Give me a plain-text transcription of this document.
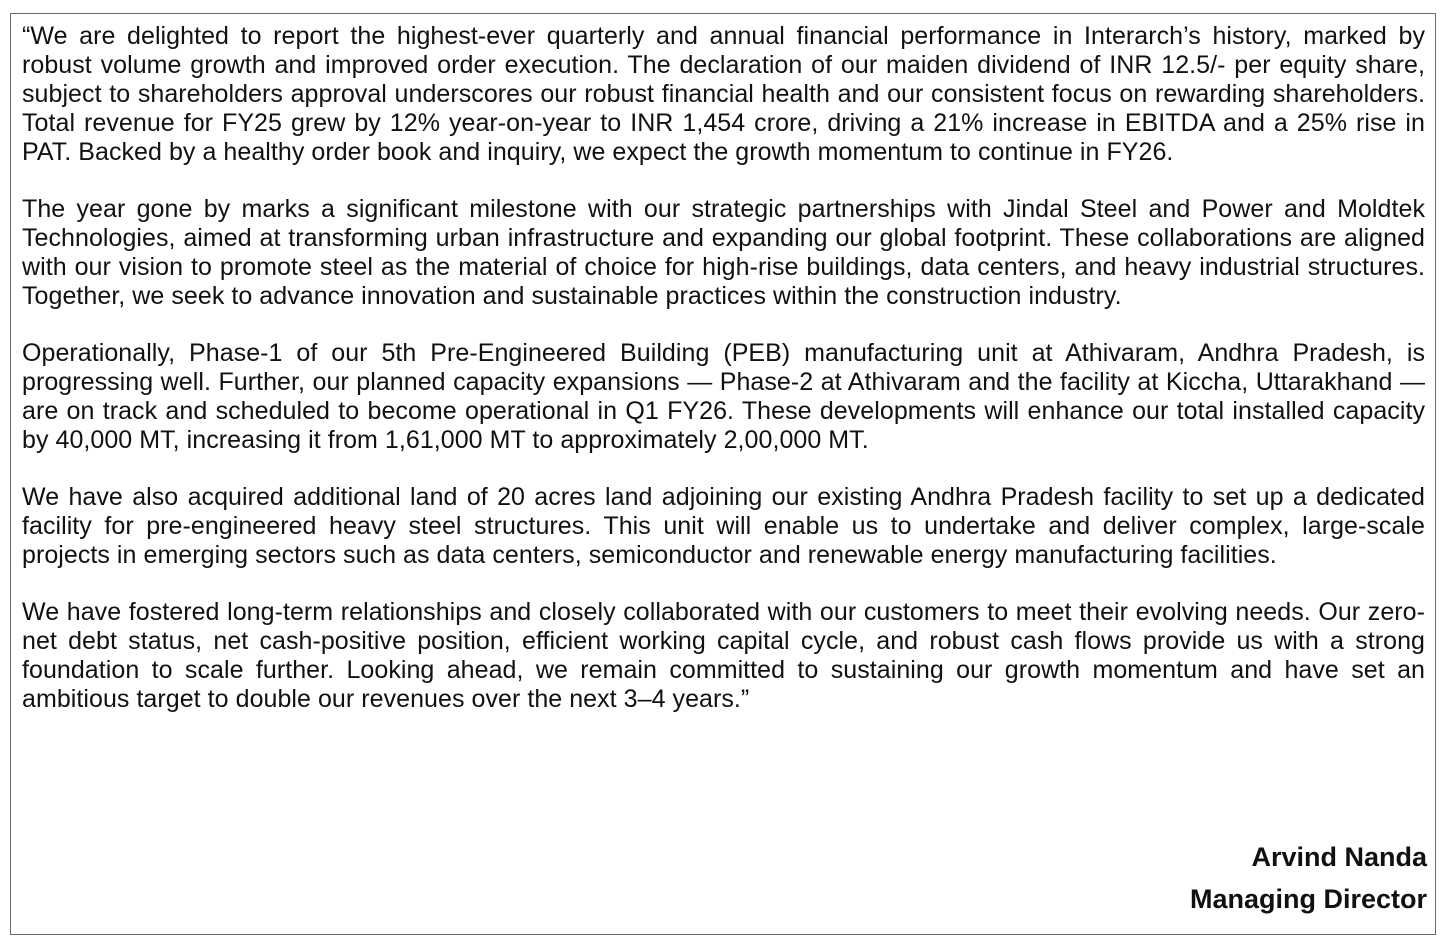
“We are delighted to report the highest-ever quarterly and annual financial performance in Interarch’s history, marked by robust volume growth and improved order execution. The declaration of our maiden dividend of INR 12.5/- per equity share, subject to shareholders approval underscores our robust financial health and our consistent focus on rewarding shareholders. Total revenue for FY25 grew by 12% year-on-year to INR 1,454 crore, driving a 21% increase in EBITDA and a 25% rise in PAT. Backed by a healthy order book and inquiry, we expect the growth momentum to continue in FY26.

The year gone by marks a significant milestone with our strategic partnerships with Jindal Steel and Power and Moldtek Technologies, aimed at transforming urban infrastructure and expanding our global footprint. These collaborations are aligned with our vision to promote steel as the material of choice for high-rise buildings, data centers, and heavy industrial structures. Together, we seek to advance innovation and sustainable practices within the construction industry.

Operationally, Phase-1 of our 5th Pre-Engineered Building (PEB) manufacturing unit at Athivaram, Andhra Pradesh, is progressing well. Further, our planned capacity expansions — Phase-2 at Athivaram and the facility at Kiccha, Uttarakhand — are on track and scheduled to become operational in Q1 FY26. These developments will enhance our total installed capacity by 40,000 MT, increasing it from 1,61,000 MT to approximately 2,00,000 MT.

We have also acquired additional land of 20 acres land adjoining our existing Andhra Pradesh facility to set up a dedicated facility for pre-engineered heavy steel structures. This unit will enable us to undertake and deliver complex, large-scale projects in emerging sectors such as data centers, semiconductor and renewable energy manufacturing facilities.

We have fostered long-term relationships and closely collaborated with our customers to meet their evolving needs. Our zero-net debt status, net cash-positive position, efficient working capital cycle, and robust cash flows provide us with a strong foundation to scale further. Looking ahead, we remain committed to sustaining our growth momentum and have set an ambitious target to double our revenues over the next 3–4 years.”

Arvind Nanda
Managing Director
